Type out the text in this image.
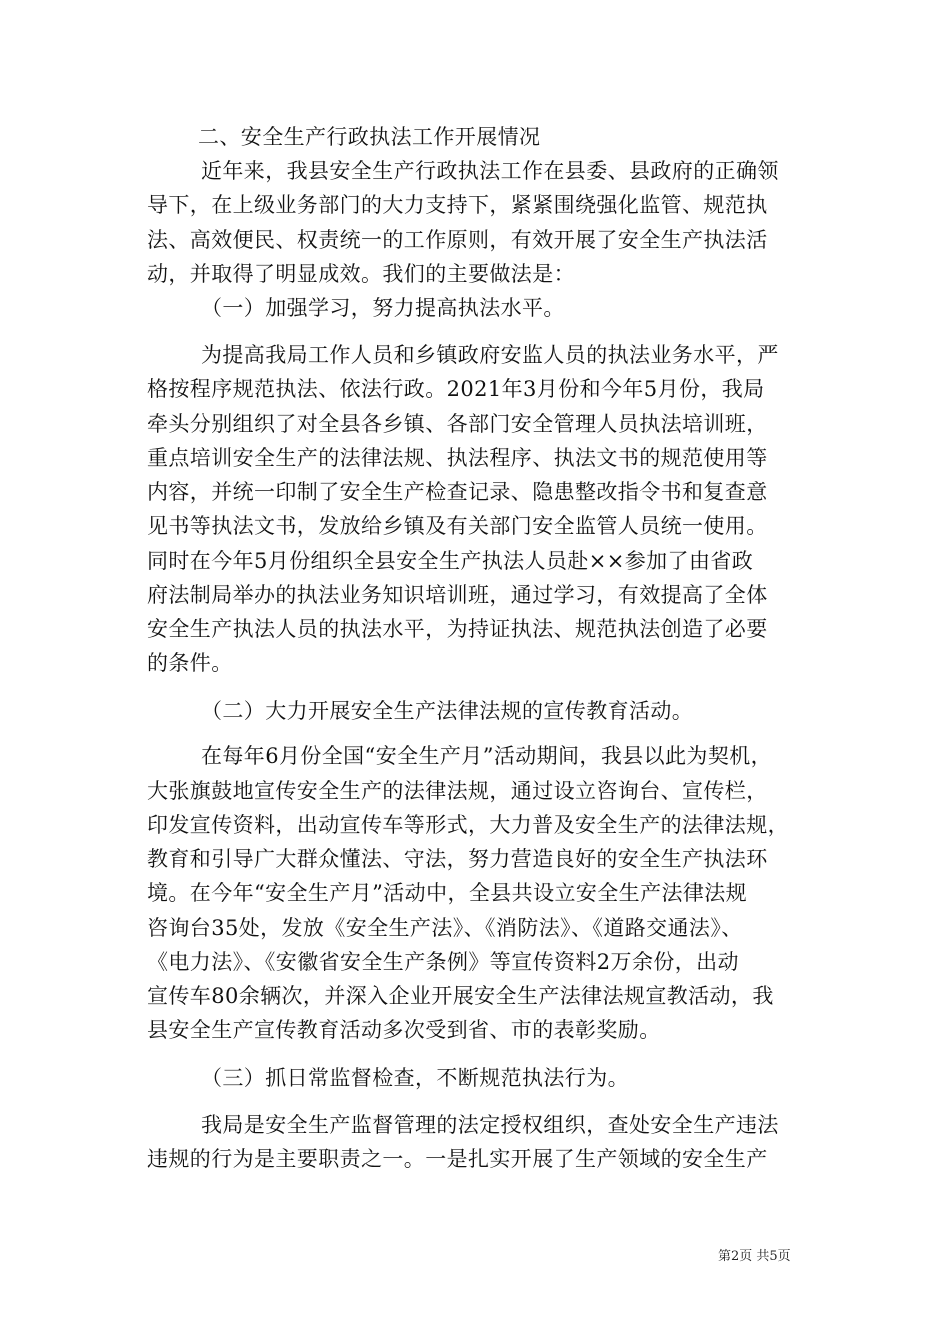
二、安全生产行政执法工作开展情况
近年来，我县安全生产行政执法工作在县委、县政府的正确领
导下，在上级业务部门的大力支持下，紧紧围绕强化监管、规范执
法、高效便民、权责统一的工作原则，有效开展了安全生产执法活
动，并取得了明显成效。我们的主要做法是：
（一）加强学习，努力提高执法水平。
为提高我局工作人员和乡镇政府安监人员的执法业务水平，严
格按程序规范执法、依法行政。2021年3月份和今年5月份，我局
牵头分别组织了对全县各乡镇、各部门安全管理人员执法培训班，
重点培训安全生产的法律法规、执法程序、执法文书的规范使用等
内容，并统一印制了安全生产检查记录、隐患整改指令书和复查意
见书等执法文书，发放给乡镇及有关部门安全监管人员统一使用。
同时在今年5月份组织全县安全生产执法人员赴××参加了由省政
府法制局举办的执法业务知识培训班，通过学习，有效提高了全体
安全生产执法人员的执法水平，为持证执法、规范执法创造了必要
的条件。
（二）大力开展安全生产法律法规的宣传教育活动。
在每年6月份全国“安全生产月”活动期间，我县以此为契机，
大张旗鼓地宣传安全生产的法律法规，通过设立咨询台、宣传栏，
印发宣传资料，出动宣传车等形式，大力普及安全生产的法律法规，
教育和引导广大群众懂法、守法，努力营造良好的安全生产执法环
境。在今年“安全生产月”活动中，全县共设立安全生产法律法规
咨询台35处，发放《安全生产法》、《消防法》、《道路交通法》、
《电力法》、《安徽省安全生产条例》等宣传资料2万余份，出动
宣传车80余辆次，并深入企业开展安全生产法律法规宣教活动，我
县安全生产宣传教育活动多次受到省、市的表彰奖励。
（三）抓日常监督检查，不断规范执法行为。
我局是安全生产监督管理的法定授权组织，查处安全生产违法
违规的行为是主要职责之一。一是扎实开展了生产领域的安全生产
第2页 共5页
